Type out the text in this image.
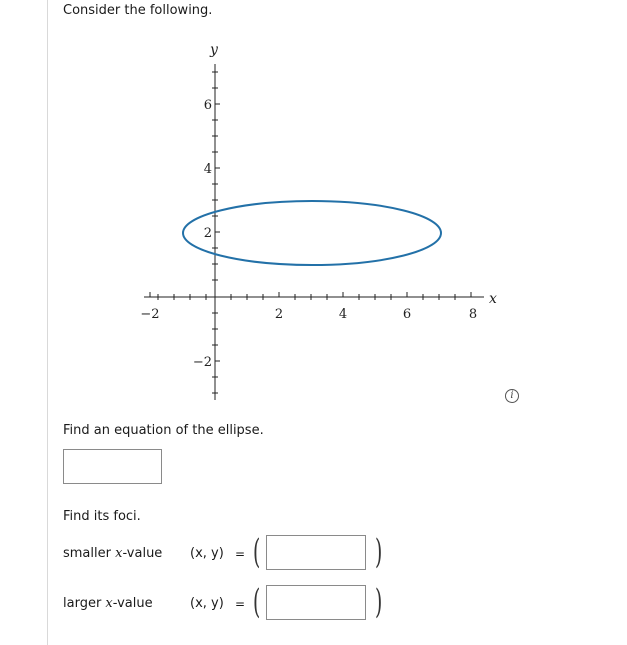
Consider the following.
−2	2	4	6	8
6
4
2
−2
x
y
i
Find an equation of the ellipse.
Find its foci.
smaller x-value (x, y) = (	)
larger x-value	(x, y) = (	)
